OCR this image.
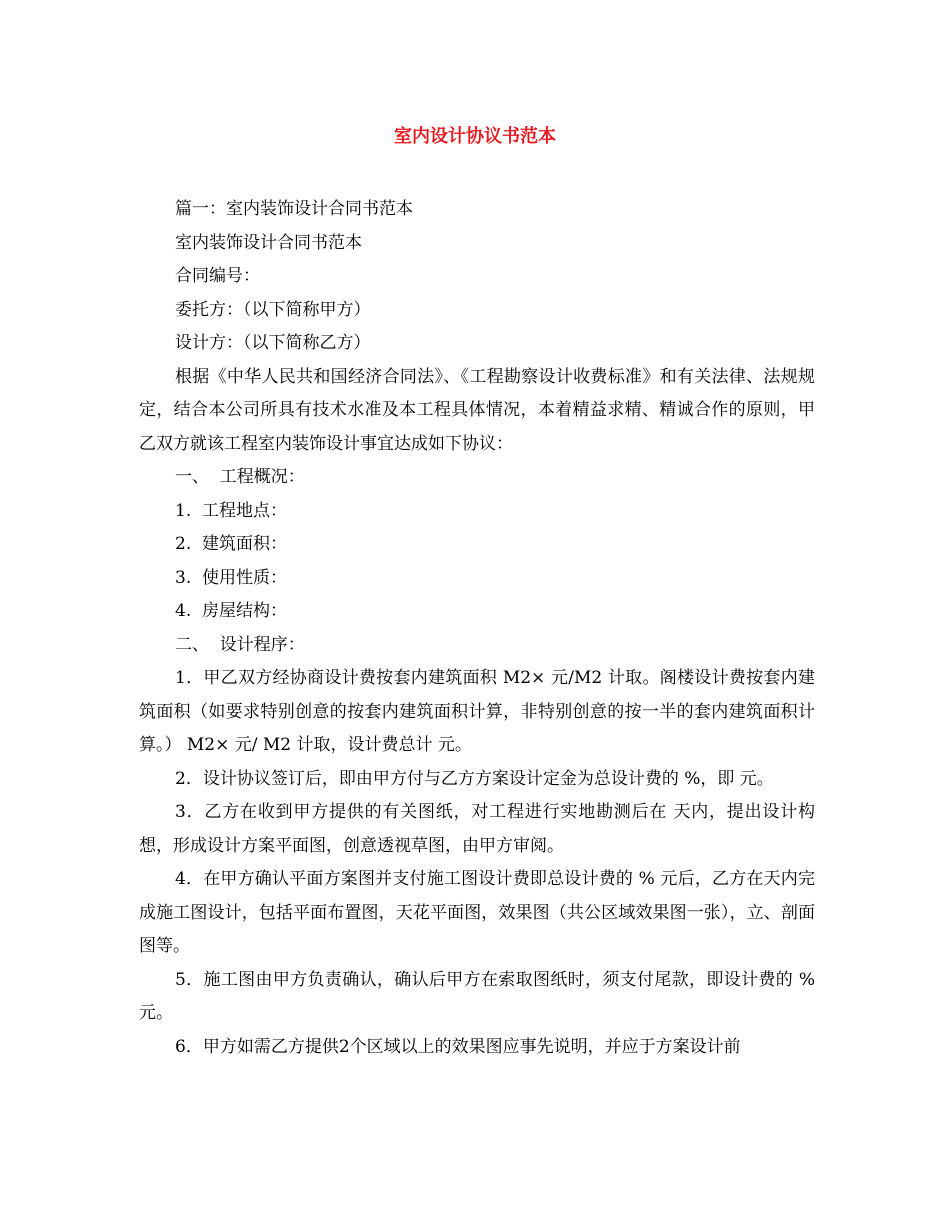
室内设计协议书范本

篇一：室内装饰设计合同书范本

室内装饰设计合同书范本

合同编号：

委托方：（以下简称甲方）

设计方：（以下简称乙方）

根据《中华人民共和国经济合同法》、《工程勘察设计收费标准》和有关法律、法规规定，结合本公司所具有技术水准及本工程具体情况，本着精益求精、精诚合作的原则，甲乙双方就该工程室内装饰设计事宜达成如下协议：

一、  工程概况：

1.  工程地点：

2.  建筑面积：

3.  使用性质：

4.  房屋结构：

二、  设计程序：

1．甲乙双方经协商设计费按套内建筑面积 M2× 元/M2 计取。阁楼设计费按套内建筑面积（如要求特别创意的按套内建筑面积计算，非特别创意的按一半的套内建筑面积计算。） M2× 元/ M2 计取，设计费总计 元。

2．设计协议签订后，即由甲方付与乙方方案设计定金为总设计费的 %，即 元。

3．乙方在收到甲方提供的有关图纸，对工程进行实地勘测后在 天内，提出设计构想，形成设计方案平面图，创意透视草图，由甲方审阅。

4．在甲方确认平面方案图并支付施工图设计费即总设计费的 % 元后，乙方在天内完成施工图设计，包括平面布置图，天花平面图，效果图（共公区域效果图一张），立、剖面图等。

5．施工图由甲方负责确认，确认后甲方在索取图纸时，须支付尾款，即设计费的 % 元。

6．甲方如需乙方提供2个区域以上的效果图应事先说明，并应于方案设计前
